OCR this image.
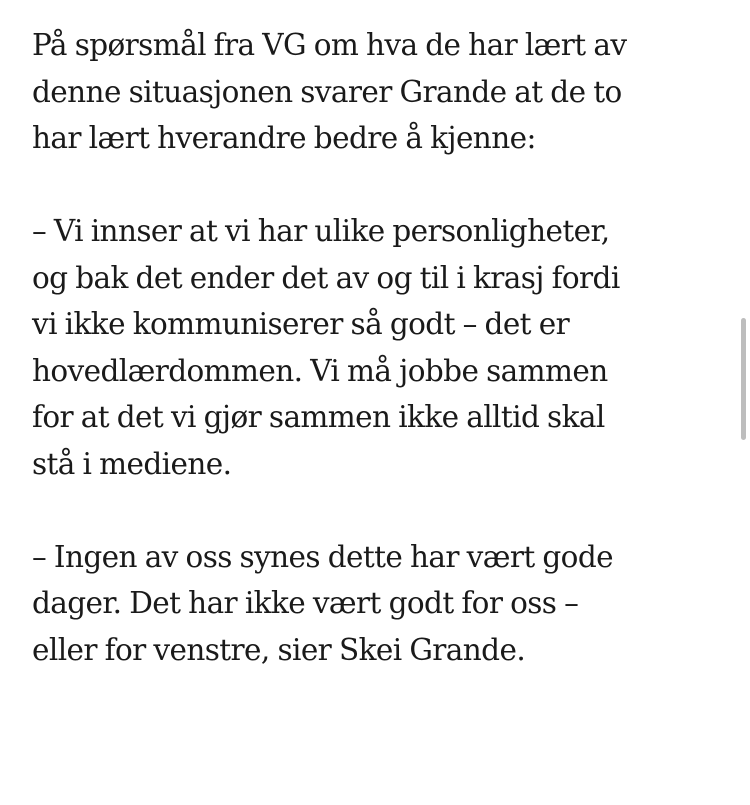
På spørsmål fra VG om hva de har lært av
denne situasjonen svarer Grande at de to
har lært hverandre bedre å kjenne:

– Vi innser at vi har ulike personligheter,
og bak det ender det av og til i krasj fordi
vi ikke kommuniserer så godt – det er
hovedlærdommen. Vi må jobbe sammen
for at det vi gjør sammen ikke alltid skal
stå i mediene.

– Ingen av oss synes dette har vært gode
dager. Det har ikke vært godt for oss –
eller for venstre, sier Skei Grande.
